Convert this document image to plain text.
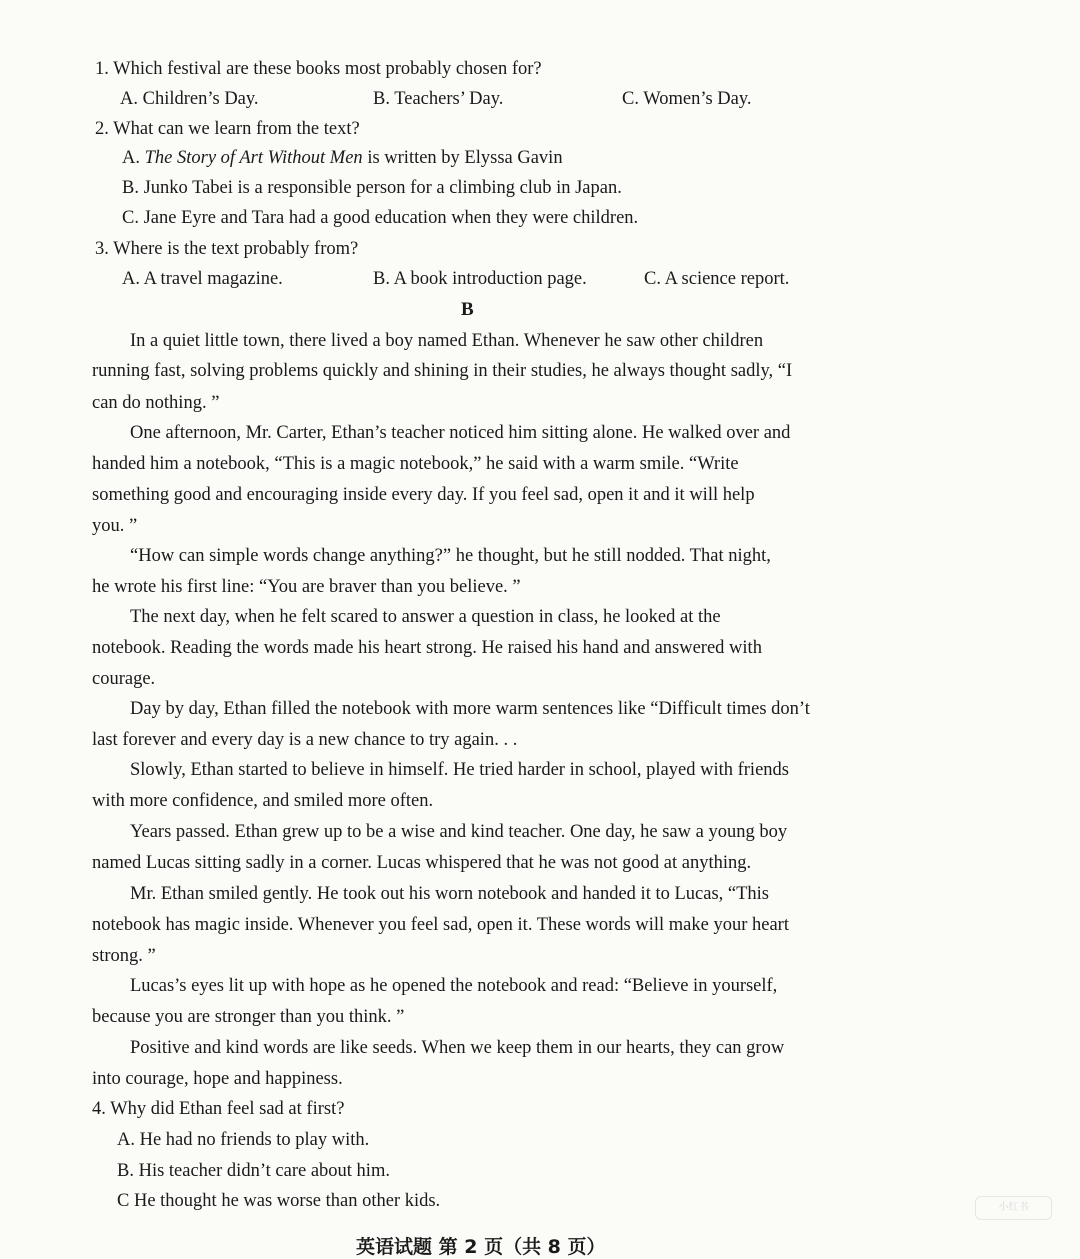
1. Which festival are these books most probably chosen for?
A. Children’s Day.	B. Teachers’ Day.	C. Women’s Day.
2. What can we learn from the text?
A. The Story of Art Without Men is written by Elyssa Gavin
B. Junko Tabei is a responsible person for a climbing club in Japan.
C. Jane Eyre and Tara had a good education when they were children.
3. Where is the text probably from?
A. A travel magazine.	B. A book introduction page.	C. A science report.
B
In a quiet little town, there lived a boy named Ethan. Whenever he saw other children
running fast, solving problems quickly and shining in their studies, he always thought sadly, “I
can do nothing. ”
One afternoon, Mr. Carter, Ethan’s teacher noticed him sitting alone. He walked over and
handed him a notebook, “This is a magic notebook,” he said with a warm smile. “Write
something good and encouraging inside every day. If you feel sad, open it and it will help
you. ”
“How can simple words change anything?” he thought, but he still nodded. That night,
he wrote his first line: “You are braver than you believe. ”
The next day, when he felt scared to answer a question in class, he looked at the
notebook. Reading the words made his heart strong. He raised his hand and answered with
courage.
Day by day, Ethan filled the notebook with more warm sentences like “Difficult times don’t
last forever and every day is a new chance to try again. . .
Slowly, Ethan started to believe in himself. He tried harder in school, played with friends
with more confidence, and smiled more often.
Years passed. Ethan grew up to be a wise and kind teacher. One day, he saw a young boy
named Lucas sitting sadly in a corner. Lucas whispered that he was not good at anything.
Mr. Ethan smiled gently. He took out his worn notebook and handed it to Lucas, “This
notebook has magic inside. Whenever you feel sad, open it. These words will make your heart
strong. ”
Lucas’s eyes lit up with hope as he opened the notebook and read: “Believe in yourself,
because you are stronger than you think. ”
Positive and kind words are like seeds. When we keep them in our hearts, they can grow
into courage, hope and happiness.
4. Why did Ethan feel sad at first?
A. He had no friends to play with.
B. His teacher didn’t care about him.
C He thought he was worse than other kids.
英语试题 第 2 页（共 8 页）
小红书
